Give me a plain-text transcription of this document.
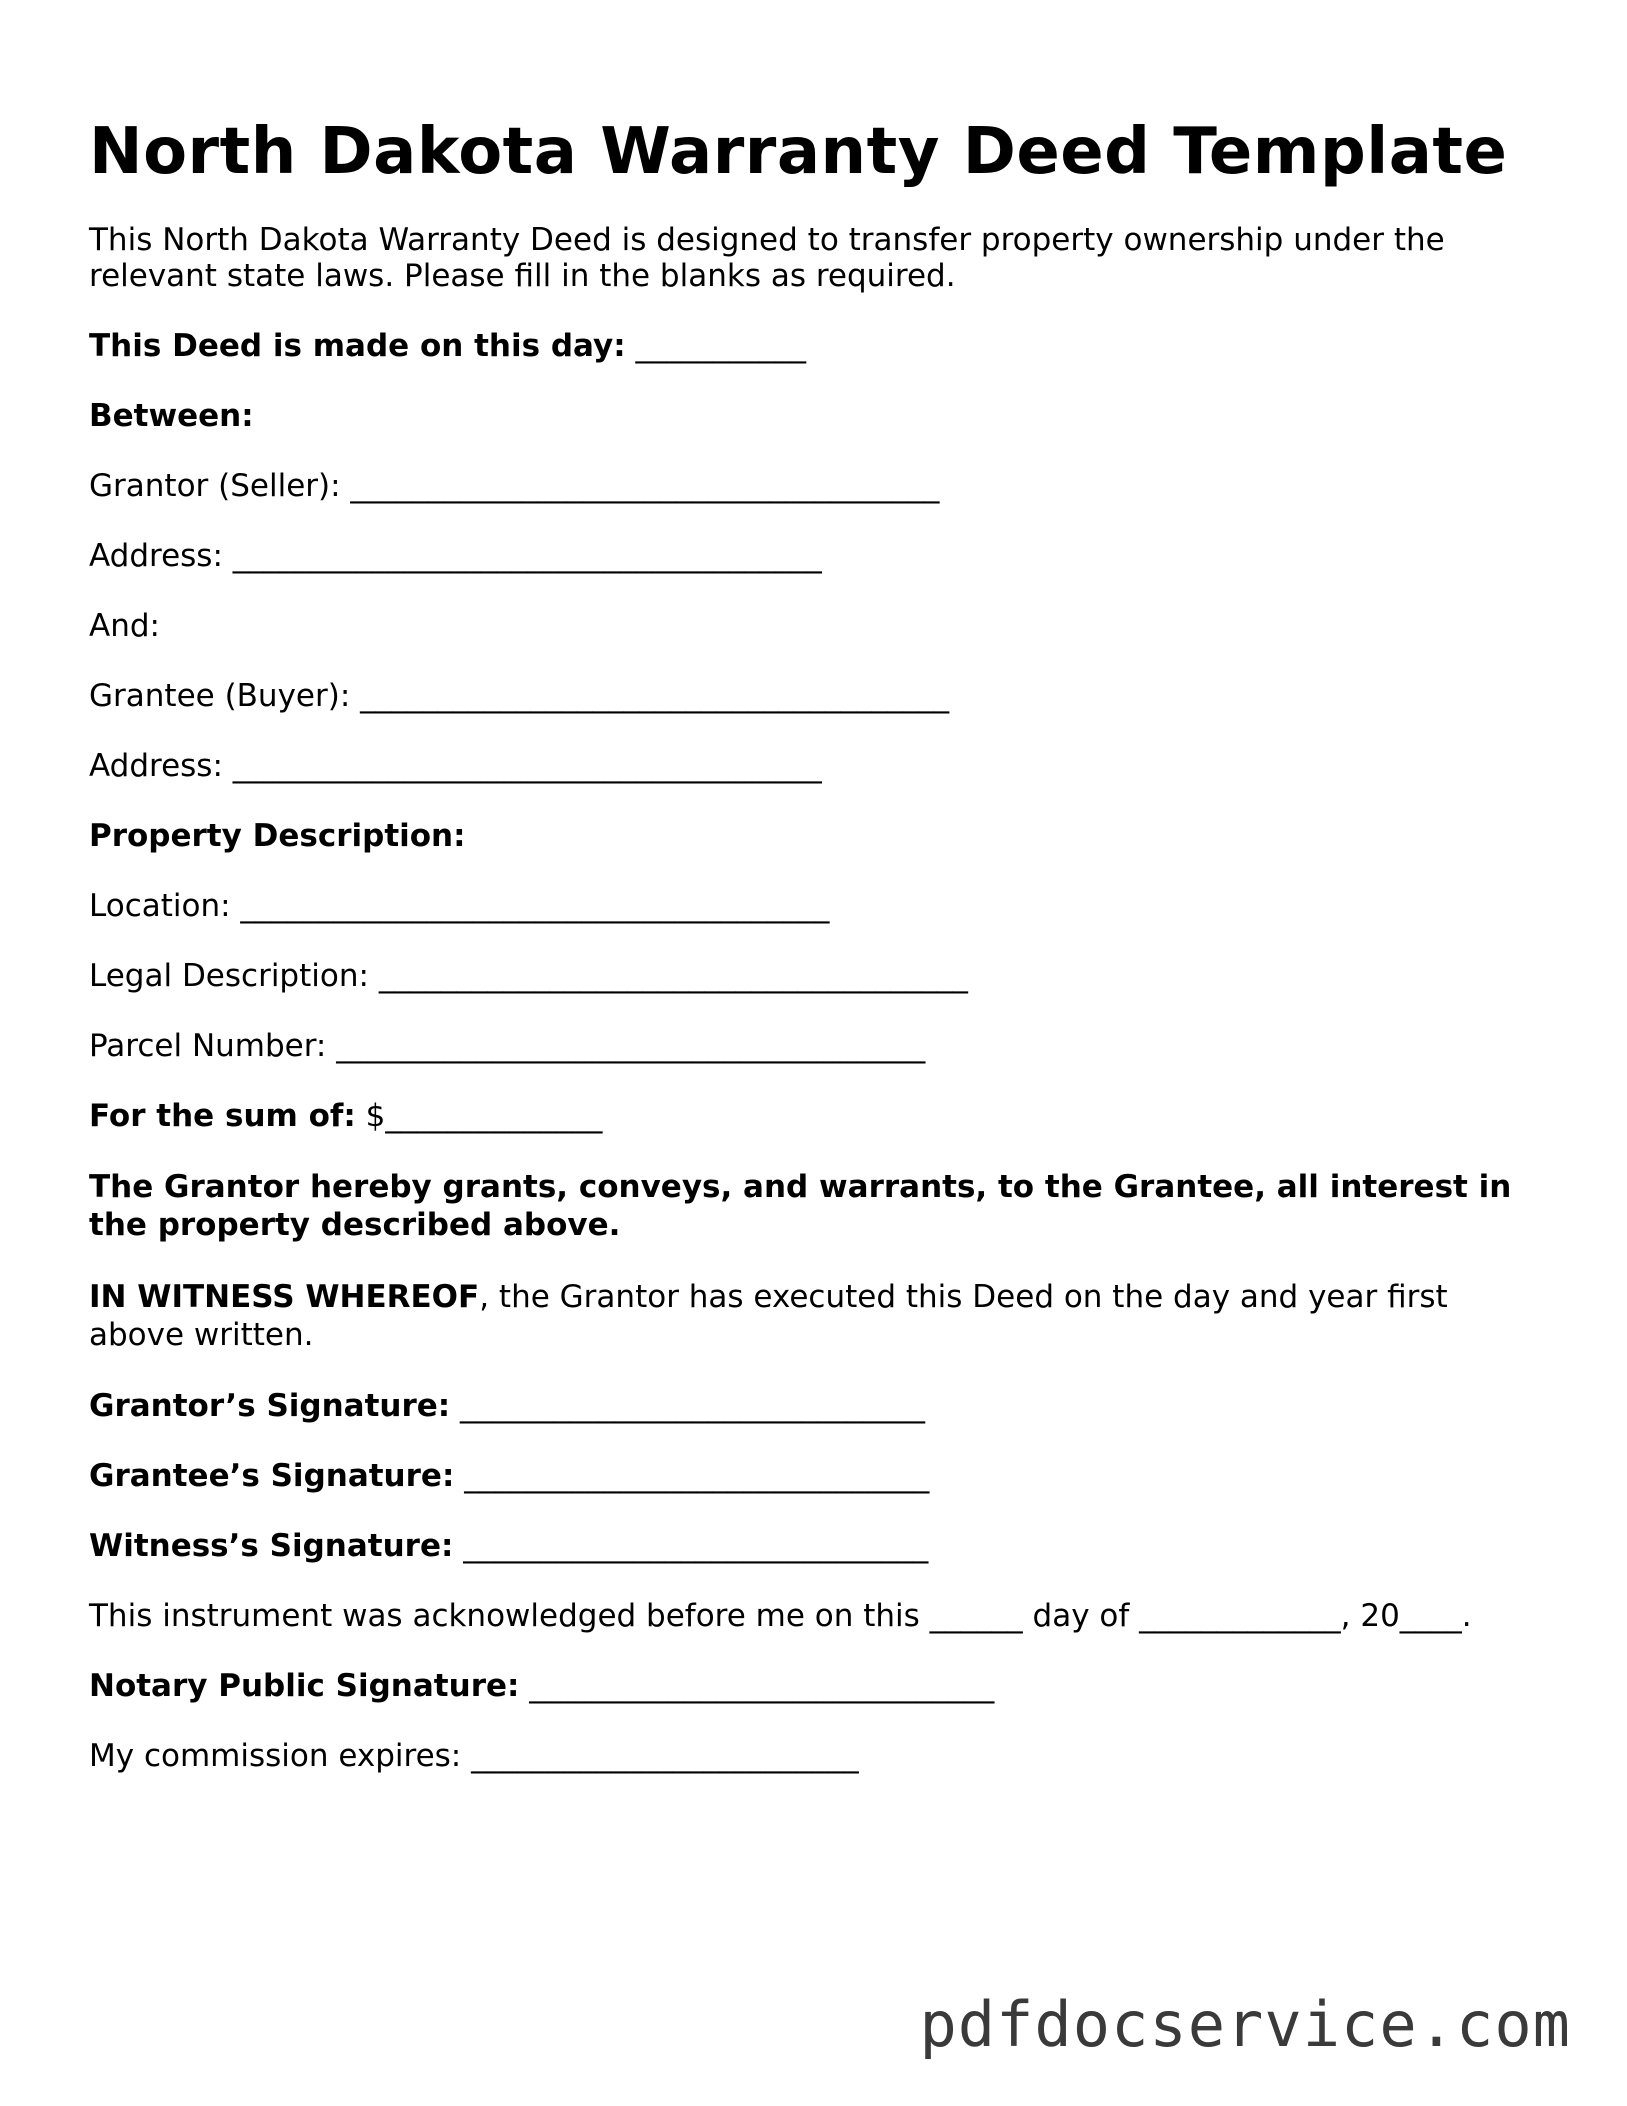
North Dakota Warranty Deed Template

This North Dakota Warranty Deed is designed to transfer property ownership under the relevant state laws. Please fill in the blanks as required.

This Deed is made on this day: ___________

Between:

Grantor (Seller): ______________________________________

Address: ______________________________________

And:

Grantee (Buyer): ______________________________________

Address: ______________________________________

Property Description:

Location: ______________________________________

Legal Description: ______________________________________

Parcel Number: ______________________________________

For the sum of: $______________

The Grantor hereby grants, conveys, and warrants, to the Grantee, all interest in the property described above.

IN WITNESS WHEREOF, the Grantor has executed this Deed on the day and year first above written.

Grantor’s Signature: ______________________________

Grantee’s Signature: ______________________________

Witness’s Signature: ______________________________

This instrument was acknowledged before me on this ______ day of _____________, 20____.

Notary Public Signature: ______________________________

My commission expires: _________________________

pdfdocservice.com
